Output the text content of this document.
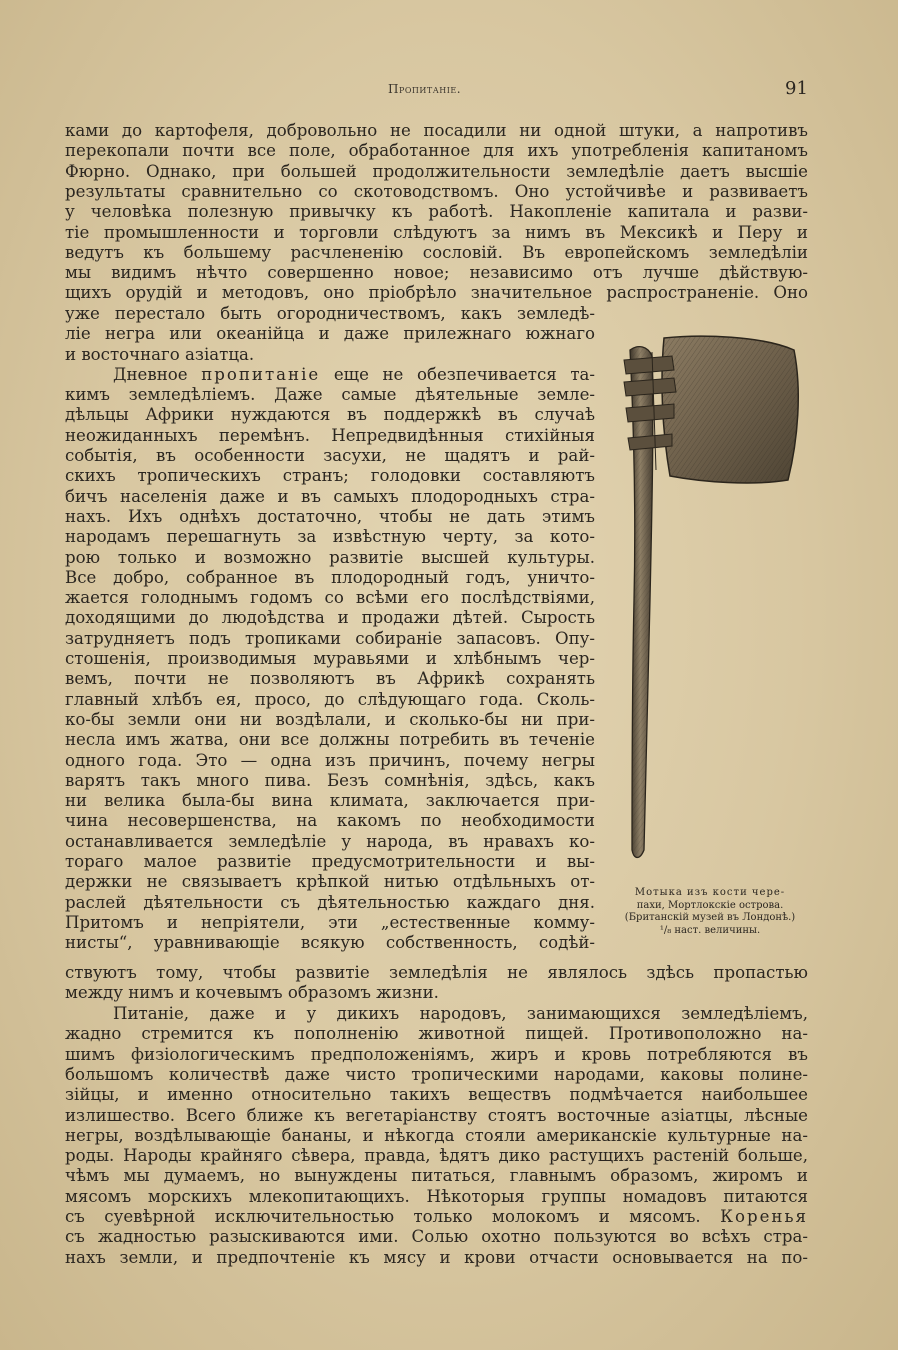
Пропитаніе.	91
ками до картофеля, добровольно не посадили ни одной штуки, а напротивъ
перекопали почти все поле, обработанное для ихъ употребленія капитаномъ
Фюрно. Однако, при большей продолжительности земледѣліе даетъ высшіе
результаты сравнительно со скотоводствомъ. Оно устойчивѣе и развиваетъ
у человѣка полезную привычку къ работѣ. Накопленіе капитала и разви-
тіе промышленности и торговли слѣдуютъ за нимъ въ Мексикѣ и Перу и
ведутъ къ большему расчлененію сословій. Въ европейскомъ земледѣліи
мы видимъ нѣчто совершенно новое; независимо отъ лучше дѣйствую-
щихъ орудій и методовъ, оно пріобрѣло значительное распространеніе. Оно
уже перестало быть огородничествомъ, какъ земледѣ-
ліе негра или океанійца и даже прилежнаго южнаго
и восточнаго азіатца.
Дневное пропитаніе еще не обезпечивается та-
кимъ земледѣліемъ. Даже самые дѣятельные земле-
дѣльцы Африки нуждаются въ поддержкѣ въ случаѣ
неожиданныхъ перемѣнъ. Непредвидѣнныя стихійныя
событія, въ особенности засухи, не щадятъ и рай-
скихъ тропическихъ странъ; голодовки составляютъ
бичъ населенія даже и въ самыхъ плодородныхъ стра-
нахъ. Ихъ однѣхъ достаточно, чтобы не дать этимъ
народамъ перешагнуть за извѣстную черту, за кото-
рою только и возможно развитіе высшей культуры.
Все добро, собранное въ плодородный годъ, уничто-
жается голоднымъ годомъ со всѣми его послѣдствіями,
доходящими до людоѣдства и продажи дѣтей. Сырость
затрудняетъ подъ тропиками собираніе запасовъ. Опу-
стошенія, производимыя муравьями и хлѣбнымъ чер-
вемъ, почти не позволяютъ въ Африкѣ сохранять
главный хлѣбъ ея, просо, до слѣдующаго года. Сколь-
ко-бы земли они ни воздѣлали, и сколько-бы ни при-
несла имъ жатва, они все должны потребить въ теченіе
одного года. Это — одна изъ причинъ, почему негры
варятъ такъ много пива. Безъ сомнѣнія, здѣсь, какъ
ни велика была-бы вина климата, заключается при-
чина несовершенства, на какомъ по необходимости
останавливается земледѣліе у народа, въ нравахъ ко-
тораго малое развитіе предусмотрительности и вы-
держки не связываетъ крѣпкой нитью отдѣльныхъ от-
раслей дѣятельности съ дѣятельностью каждаго дня.
Притомъ и непріятели, эти „естественные комму-
нисты“, уравнивающіе всякую собственность, содѣй-
Мотыка изъ кости чере-
пахи, Мортлокскіе острова.
(Британскій музей въ Лондонѣ.)
¹/₈ наст. величины.
ствуютъ тому, чтобы развитіе земледѣлія не являлось здѣсь пропастью
между нимъ и кочевымъ образомъ жизни.
Питаніе, даже и у дикихъ народовъ, занимающихся земледѣліемъ,
жадно стремится къ пополненію животной пищей. Противоположно на-
шимъ физіологическимъ предположеніямъ, жиръ и кровь потребляются въ
большомъ количествѣ даже чисто тропическими народами, каковы полине-
зійцы, и именно относительно такихъ веществъ подмѣчается наибольшее
излишество. Всего ближе къ вегетаріанству стоятъ восточные азіатцы, лѣсные
негры, воздѣлывающіе бананы, и нѣкогда стояли американскіе культурные на-
роды. Народы крайняго сѣвера, правда, ѣдятъ дико растущихъ растеній больше,
чѣмъ мы думаемъ, но вынуждены питаться, главнымъ образомъ, жиромъ и
мясомъ морскихъ млекопитающихъ. Нѣкоторыя группы номадовъ питаются
съ суевѣрной исключительностью только молокомъ и мясомъ. Коренья
съ жадностью разыскиваются ими. Солью охотно пользуются во всѣхъ стра-
нахъ земли, и предпочтеніе къ мясу и крови отчасти основывается на по-
